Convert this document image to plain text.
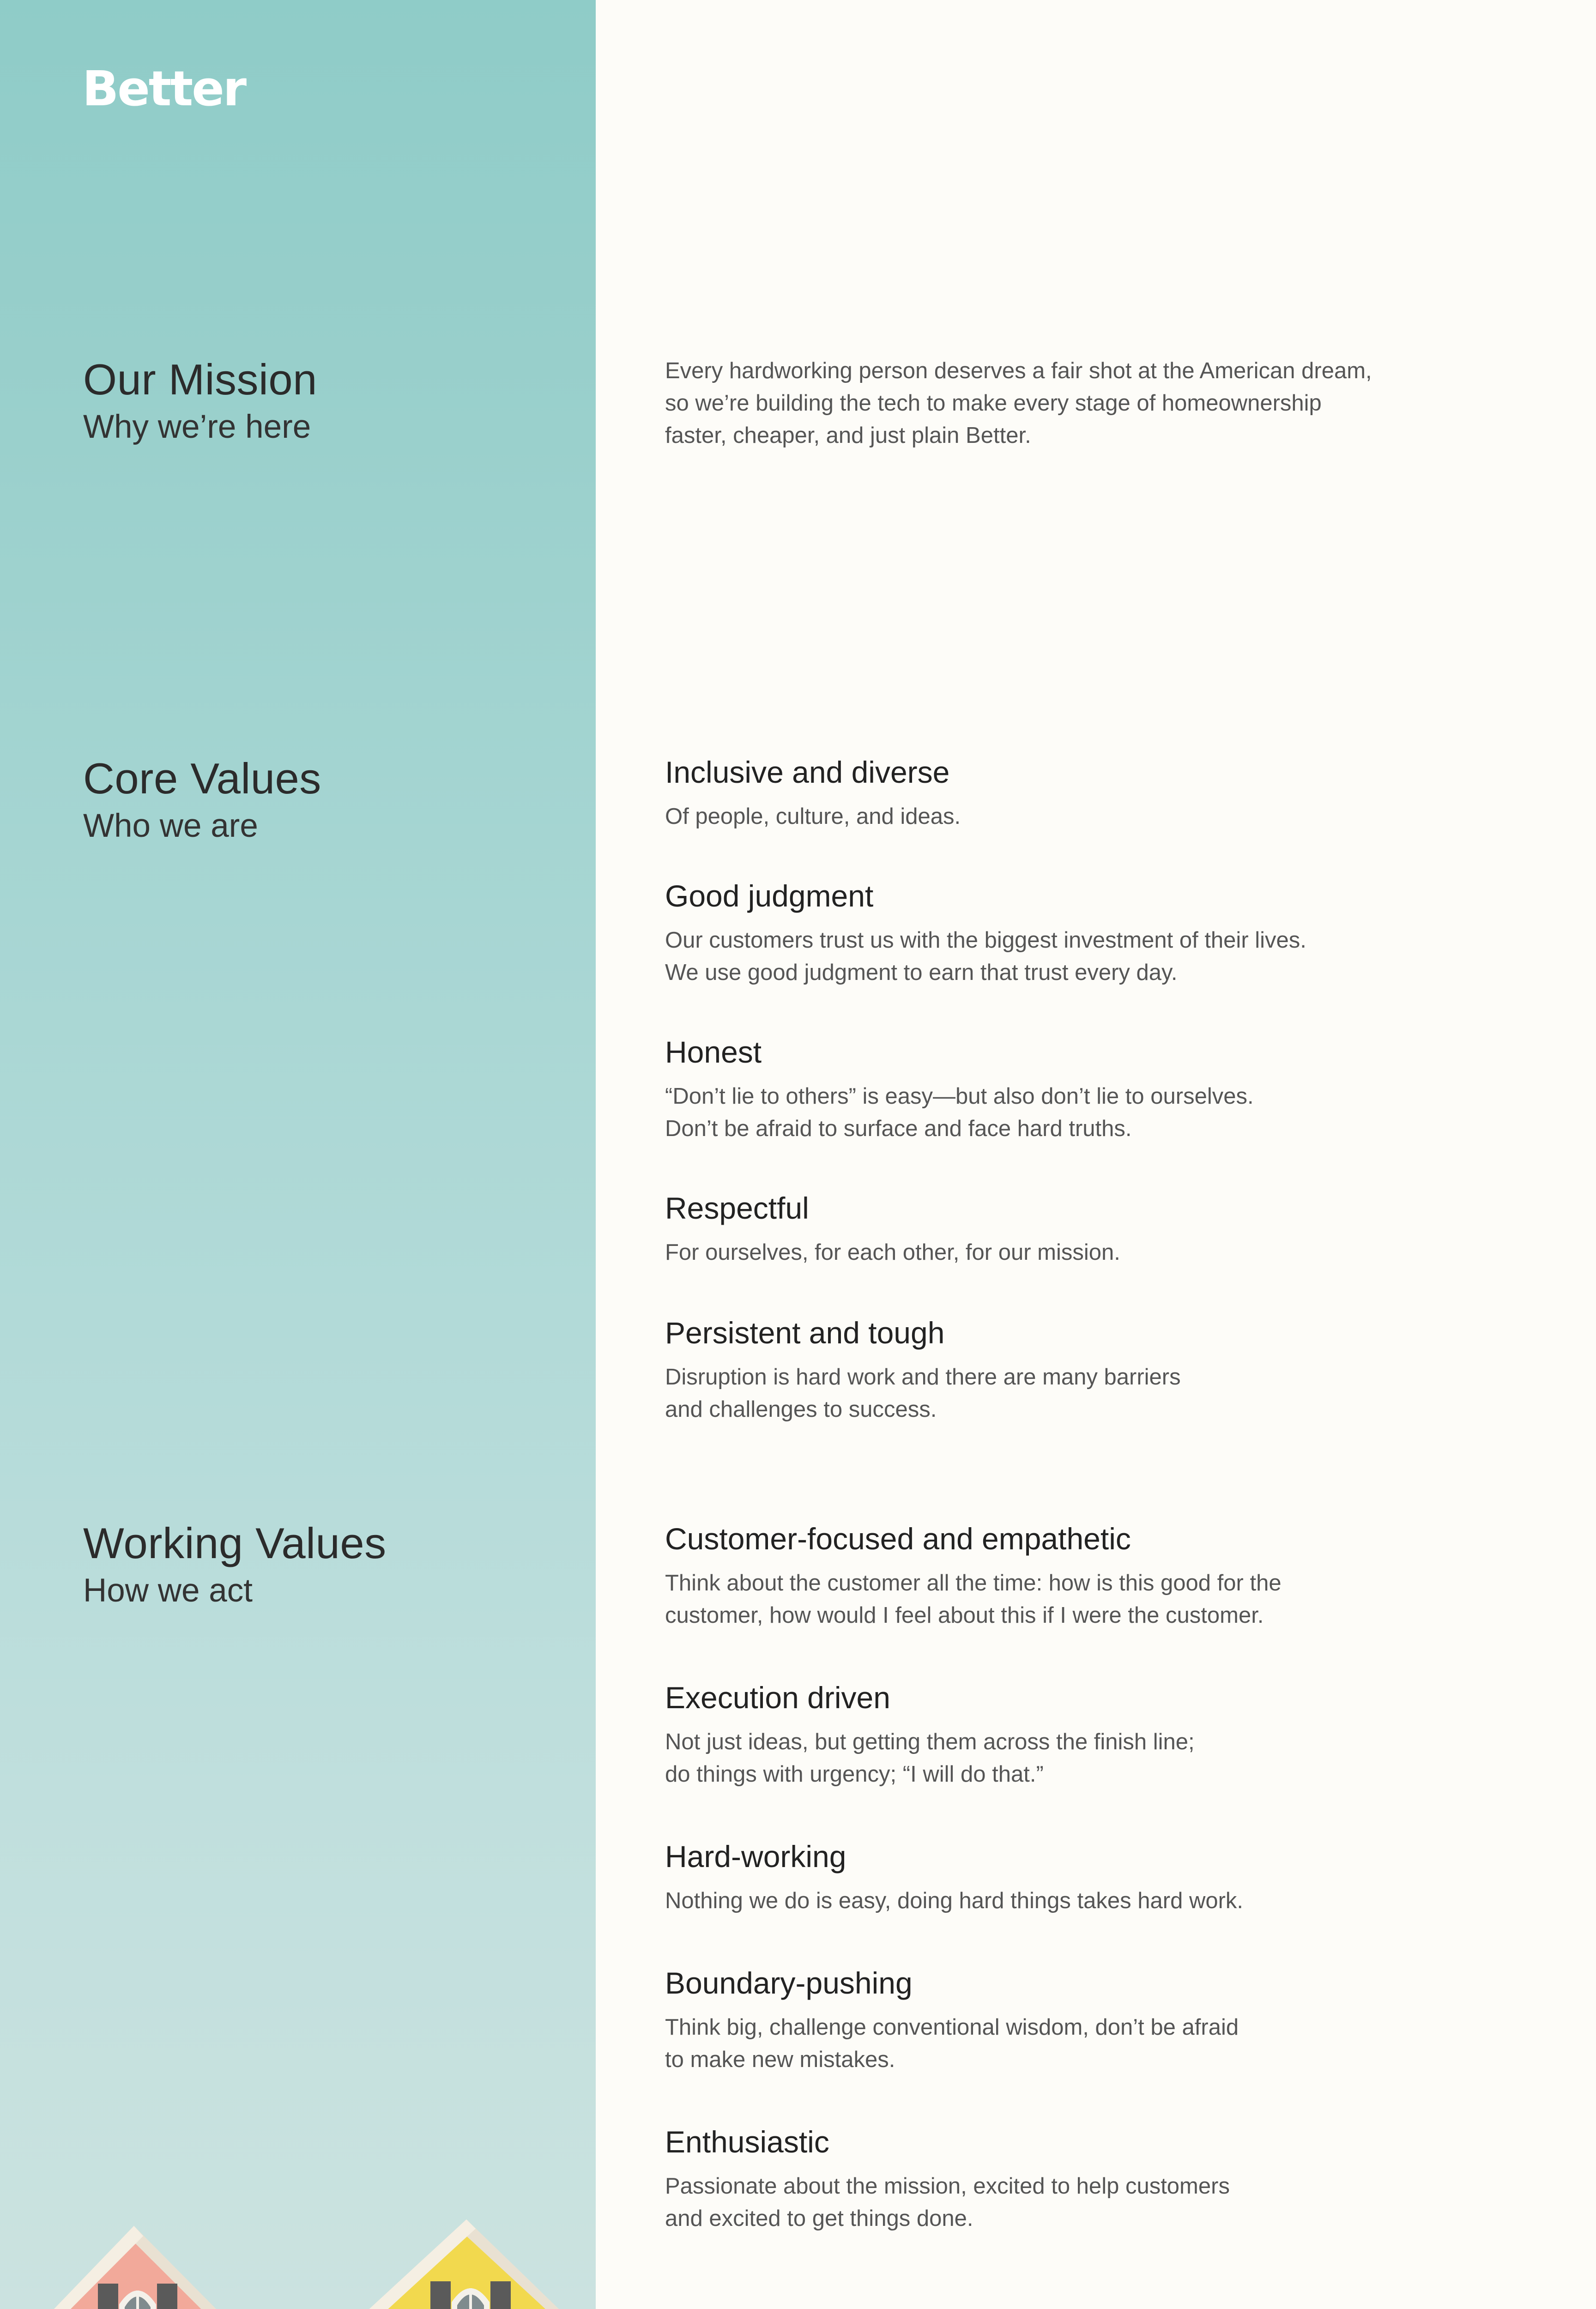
Better
Our Mission
Why we’re here
Core Values
Who we are
Working Values
How we act

Every hardworking person deserves a fair shot at the American dream, so we’re building the tech to make every stage of homeownership faster, cheaper, and just plain Better.

Inclusive and diverse
Of people, culture, and ideas.
Good judgment
Our customers trust us with the biggest investment of their lives.
We use good judgment to earn that trust every day.
Honest
“Don’t lie to others” is easy—but also don’t lie to ourselves.
Don’t be afraid to surface and face hard truths.
Respectful
For ourselves, for each other, for our mission.
Persistent and tough
Disruption is hard work and there are many barriers
and challenges to success.
Customer-focused and empathetic
Think about the customer all the time: how is this good for the
customer, how would I feel about this if I were the customer.
Execution driven
Not just ideas, but getting them across the finish line;
do things with urgency; “I will do that.”
Hard-working
Nothing we do is easy, doing hard things takes hard work.
Boundary-pushing
Think big, challenge conventional wisdom, don’t be afraid
to make new mistakes.
Enthusiastic
Passionate about the mission, excited to help customers
and excited to get things done.
